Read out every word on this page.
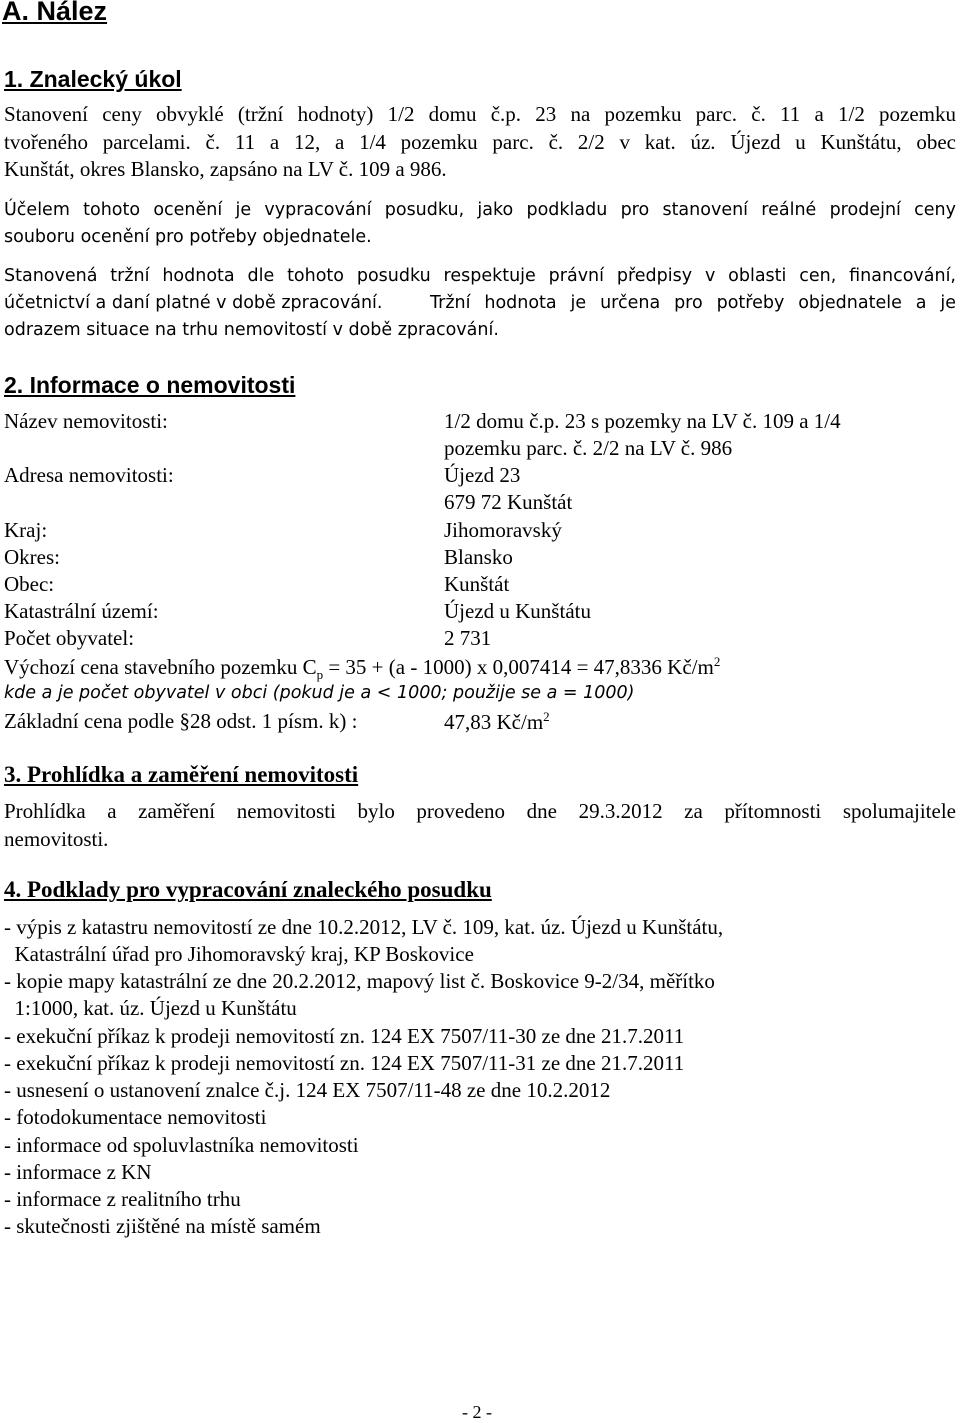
A. Nález
1. Znalecký úkol
Stanovení ceny obvyklé (tržní hodnoty) 1/2 domu č.p. 23 na pozemku parc. č. 11 a 1/2 pozemku
tvořeného parcelami. č. 11 a 12, a 1/4 pozemku parc. č. 2/2 v kat. úz. Újezd u Kunštátu, obec
Kunštát, okres Blansko, zapsáno na LV č. 109 a 986.
Účelem tohoto ocenění je vypracování posudku, jako podkladu pro stanovení reálné prodejní ceny
souboru ocenění pro potřeby objednatele.
Stanovená tržní hodnota dle tohoto posudku respektuje právní předpisy v oblasti cen, financování,
účetnictví a daní platné v době zpracování.	Tržní hodnota je určena pro potřeby objednatele a je
odrazem situace na trhu nemovitostí v době zpracování.
2. Informace o nemovitosti
Název nemovitosti:	1/2 domu č.p. 23 s pozemky na LV č. 109 a 1/4
pozemku parc. č. 2/2 na LV č. 986
Adresa nemovitosti:	Újezd 23
679 72 Kunštát
Kraj:	Jihomoravský
Okres:	Blansko
Obec:	Kunštát
Katastrální území:	Újezd u Kunštátu
Počet obyvatel:	2 731
Výchozí cena stavebního pozemku $C_p = 35 + (a - 1000)$ x 0,007414 = 47,8336 $Kč/m^2$
kde a je počet obyvatel v obci (pokud je a < 1000; použije se a = 1000)
Základní cena podle §28 odst. 1 písm. k) :	47,83 $Kč/m^2$
3. Prohlídka a zaměření nemovitosti
Prohlídka a zaměření nemovitosti bylo provedeno dne 29.3.2012 za přítomnosti spolumajitele
nemovitosti.
4. Podklady pro vypracování znaleckého posudku
- výpis z katastru nemovitostí ze dne 10.2.2012, LV č. 109, kat. úz. Újezd u Kunštátu,
Katastrální úřad pro Jihomoravský kraj, KP Boskovice
- kopie mapy katastrální ze dne 20.2.2012, mapový list č. Boskovice 9-2/34, měřítko
1:1000, kat. úz. Újezd u Kunštátu
- exekuční příkaz k prodeji nemovitostí zn. 124 EX 7507/11-30 ze dne 21.7.2011
- exekuční příkaz k prodeji nemovitostí zn. 124 EX 7507/11-31 ze dne 21.7.2011
- usnesení o ustanovení znalce č.j. 124 EX 7507/11-48 ze dne 10.2.2012
- fotodokumentace nemovitosti
- informace od spoluvlastníka nemovitosti
- informace z KN
- informace z realitního trhu
- skutečnosti zjištěné na místě samém
- 2 -
